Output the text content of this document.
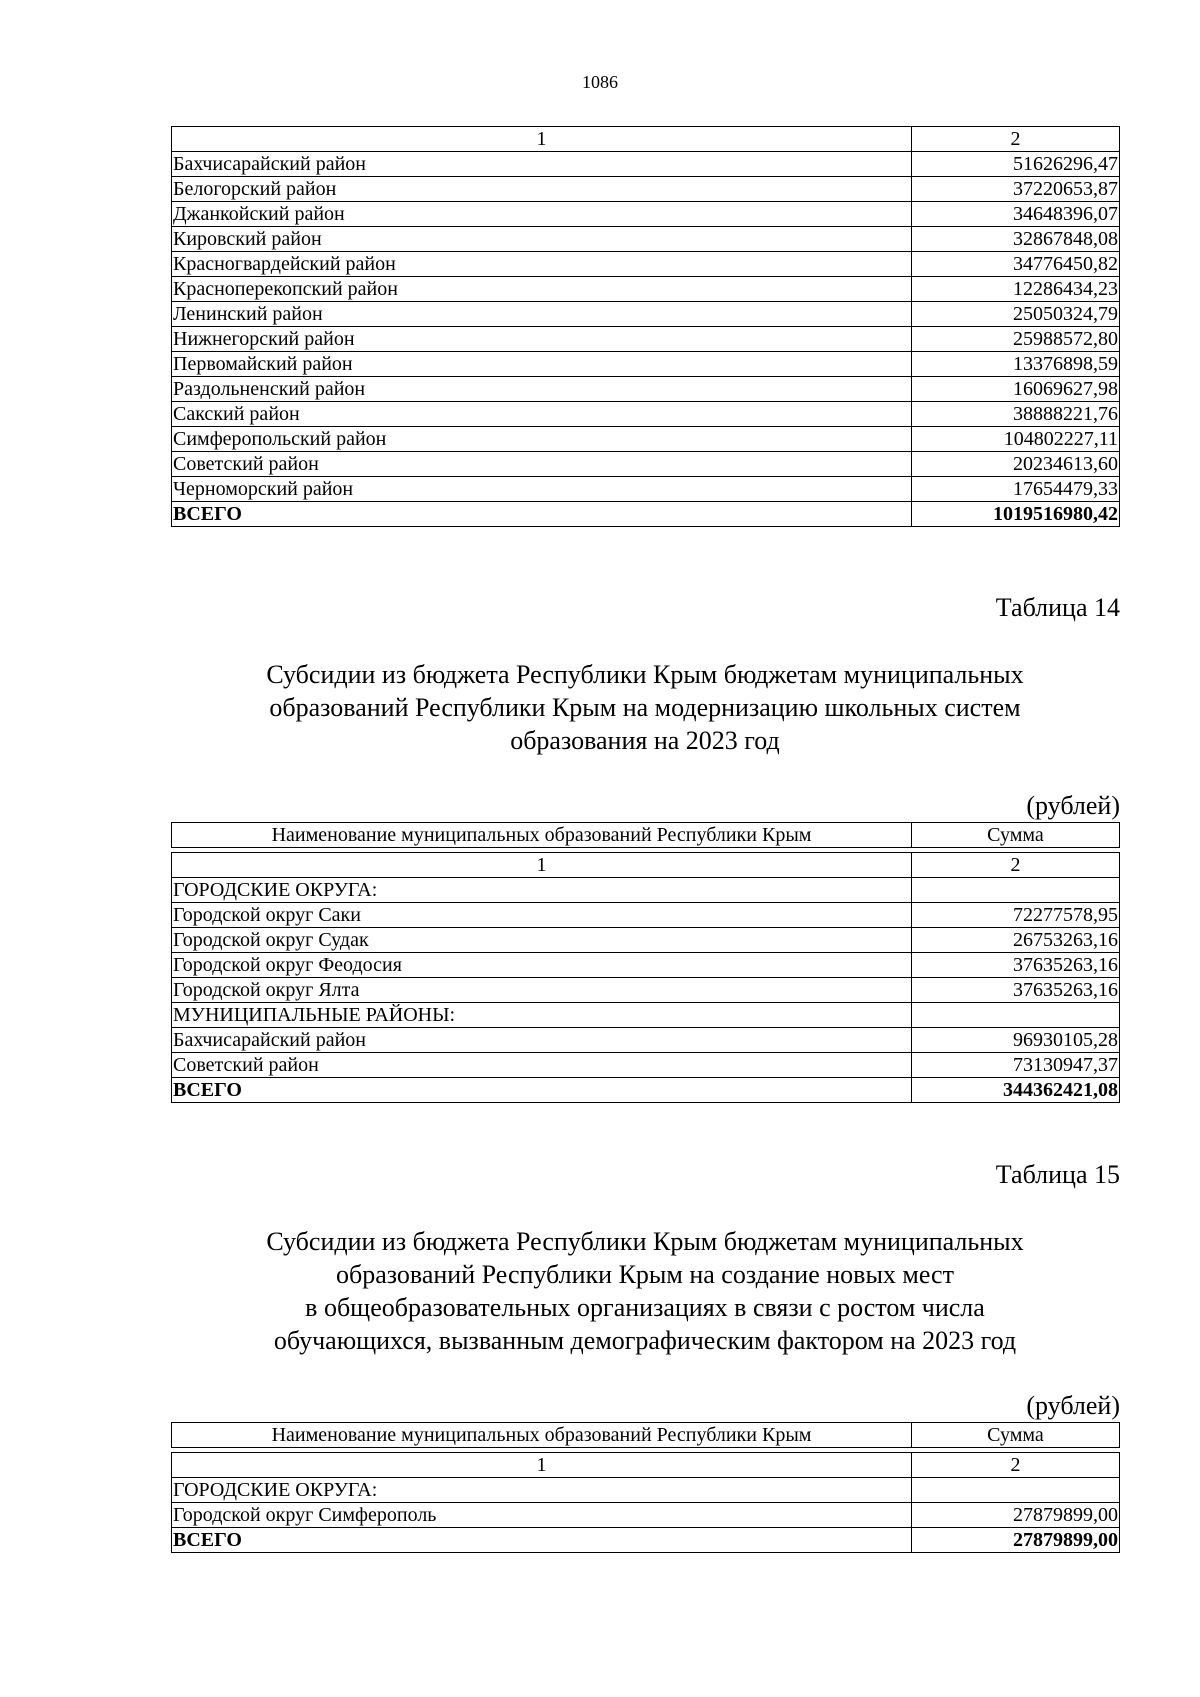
1086
1	2
Бахчисарайский район	51626296,47
Белогорский район	37220653,87
Джанкойский район	34648396,07
Кировский район	32867848,08
Красногвардейский район	34776450,82
Красноперекопский район	12286434,23
Ленинский район	25050324,79
Нижнегорский район	25988572,80
Первомайский район	13376898,59
Раздольненский район	16069627,98
Сакский район	38888221,76
Симферопольский район	104802227,11
Советский район	20234613,60
Черноморский район	17654479,33
ВСЕГО	1019516980,42
Таблица 14
Субсидии из бюджета Республики Крым бюджетам муниципальных
образований Республики Крым на модернизацию школьных систем
образования на 2023 год
(рублей)
Наименование муниципальных образований Республики Крым	Сумма

1	2
ГОРОДСКИЕ ОКРУГА:	
Городской округ Саки	72277578,95
Городской округ Судак	26753263,16
Городской округ Феодосия	37635263,16
Городской округ Ялта	37635263,16
МУНИЦИПАЛЬНЫЕ РАЙОНЫ:	
Бахчисарайский район	96930105,28
Советский район	73130947,37
ВСЕГО	344362421,08
Таблица 15
Субсидии из бюджета Республики Крым бюджетам муниципальных
образований Республики Крым на создание новых мест
в общеобразовательных организациях в связи с ростом числа
обучающихся, вызванным демографическим фактором на 2023 год
(рублей)
Наименование муниципальных образований Республики Крым	Сумма

1	2
ГОРОДСКИЕ ОКРУГА:	
Городской округ Симферополь	27879899,00
ВСЕГО	27879899,00
